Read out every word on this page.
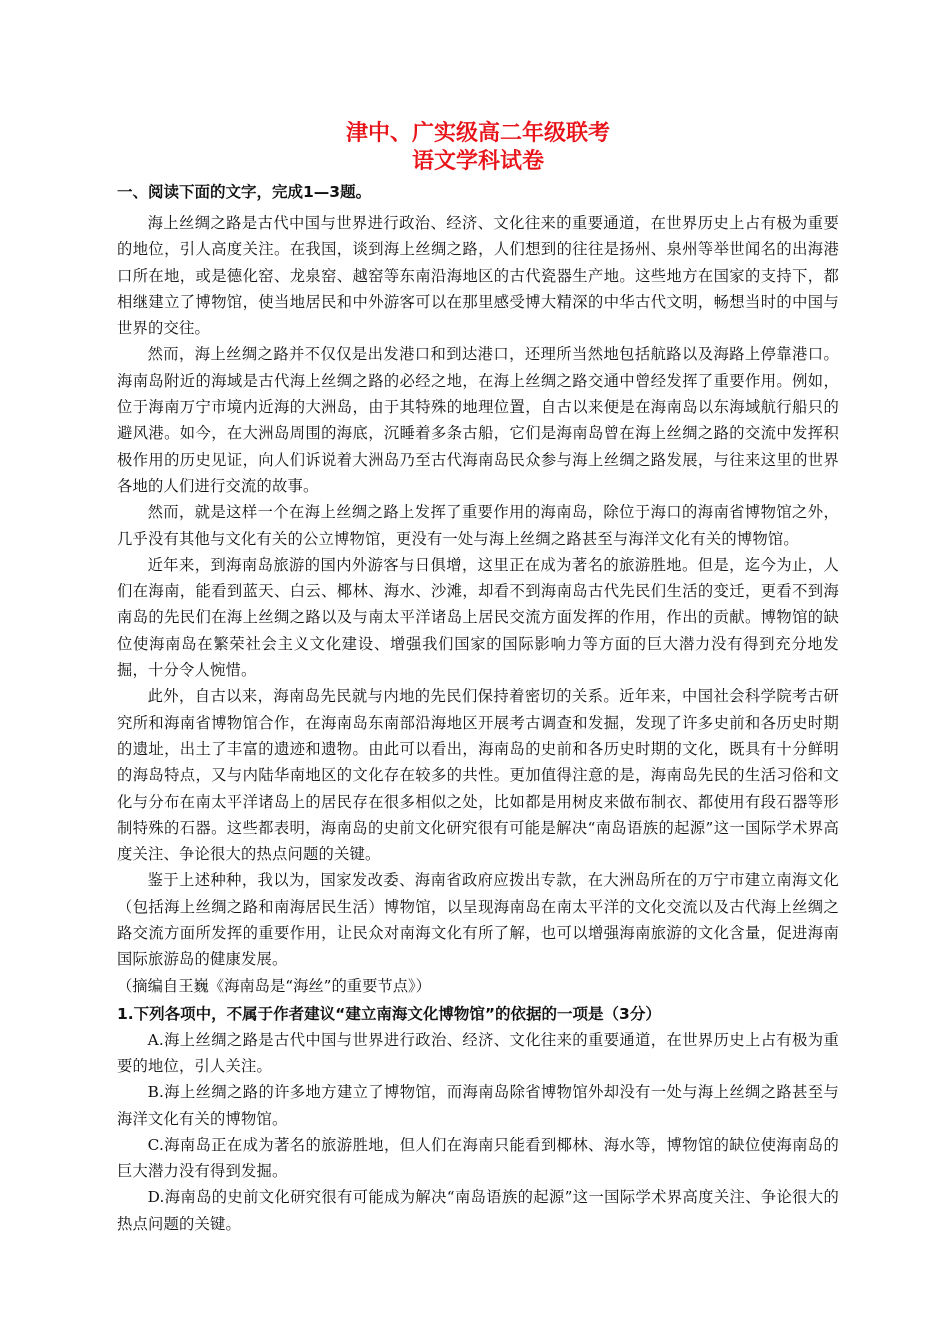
津中、广实级高二年级联考
语文学科试卷
一、阅读下面的文字，完成1—3题。

海上丝绸之路是古代中国与世界进行政治、经济、文化往来的重要通道，在世界历史上占有极为重要的地位，引人高度关注。在我国，谈到海上丝绸之路，人们想到的往往是扬州、泉州等举世闻名的出海港口所在地，或是德化窑、龙泉窑、越窑等东南沿海地区的古代瓷器生产地。这些地方在国家的支持下，都相继建立了博物馆，使当地居民和中外游客可以在那里感受博大精深的中华古代文明，畅想当时的中国与世界的交往。

然而，海上丝绸之路并不仅仅是出发港口和到达港口，还理所当然地包括航路以及海路上停靠港口。海南岛附近的海域是古代海上丝绸之路的必经之地，在海上丝绸之路交通中曾经发挥了重要作用。例如，位于海南万宁市境内近海的大洲岛，由于其特殊的地理位置，自古以来便是在海南岛以东海域航行船只的避风港。如今，在大洲岛周围的海底，沉睡着多条古船，它们是海南岛曾在海上丝绸之路的交流中发挥积极作用的历史见证，向人们诉说着大洲岛乃至古代海南岛民众参与海上丝绸之路发展，与往来这里的世界各地的人们进行交流的故事。

然而，就是这样一个在海上丝绸之路上发挥了重要作用的海南岛，除位于海口的海南省博物馆之外，几乎没有其他与文化有关的公立博物馆，更没有一处与海上丝绸之路甚至与海洋文化有关的博物馆。

近年来，到海南岛旅游的国内外游客与日俱增，这里正在成为著名的旅游胜地。但是，迄今为止，人们在海南，能看到蓝天、白云、椰林、海水、沙滩，却看不到海南岛古代先民们生活的变迁，更看不到海南岛的先民们在海上丝绸之路以及与南太平洋诸岛上居民交流方面发挥的作用，作出的贡献。博物馆的缺位使海南岛在繁荣社会主义文化建设、增强我们国家的国际影响力等方面的巨大潜力没有得到充分地发掘，十分令人惋惜。

此外，自古以来，海南岛先民就与内地的先民们保持着密切的关系。近年来，中国社会科学院考古研究所和海南省博物馆合作，在海南岛东南部沿海地区开展考古调查和发掘，发现了许多史前和各历史时期的遗址，出土了丰富的遗迹和遗物。由此可以看出，海南岛的史前和各历史时期的文化，既具有十分鲜明的海岛特点，又与内陆华南地区的文化存在较多的共性。更加值得注意的是，海南岛先民的生活习俗和文化与分布在南太平洋诸岛上的居民存在很多相似之处，比如都是用树皮来做布制衣、都使用有段石器等形制特殊的石器。这些都表明，海南岛的史前文化研究很有可能是解决“南岛语族的起源”这一国际学术界高度关注、争论很大的热点问题的关键。

鉴于上述种种，我以为，国家发改委、海南省政府应拨出专款，在大洲岛所在的万宁市建立南海文化（包括海上丝绸之路和南海居民生活）博物馆，以呈现海南岛在南太平洋的文化交流以及古代海上丝绸之路交流方面所发挥的重要作用，让民众对南海文化有所了解，也可以增强海南旅游的文化含量，促进海南国际旅游岛的健康发展。

（摘编自王巍《海南岛是“海丝”的重要节点》）

1.下列各项中，不属于作者建议“建立南海文化博物馆”的依据的一项是（3分）

A.海上丝绸之路是古代中国与世界进行政治、经济、文化往来的重要通道，在世界历史上占有极为重要的地位，引人关注。

B.海上丝绸之路的许多地方建立了博物馆，而海南岛除省博物馆外却没有一处与海上丝绸之路甚至与海洋文化有关的博物馆。

C.海南岛正在成为著名的旅游胜地，但人们在海南只能看到椰林、海水等，博物馆的缺位使海南岛的巨大潜力没有得到发掘。

D.海南岛的史前文化研究很有可能成为解决“南岛语族的起源”这一国际学术界高度关注、争论很大的热点问题的关键。
